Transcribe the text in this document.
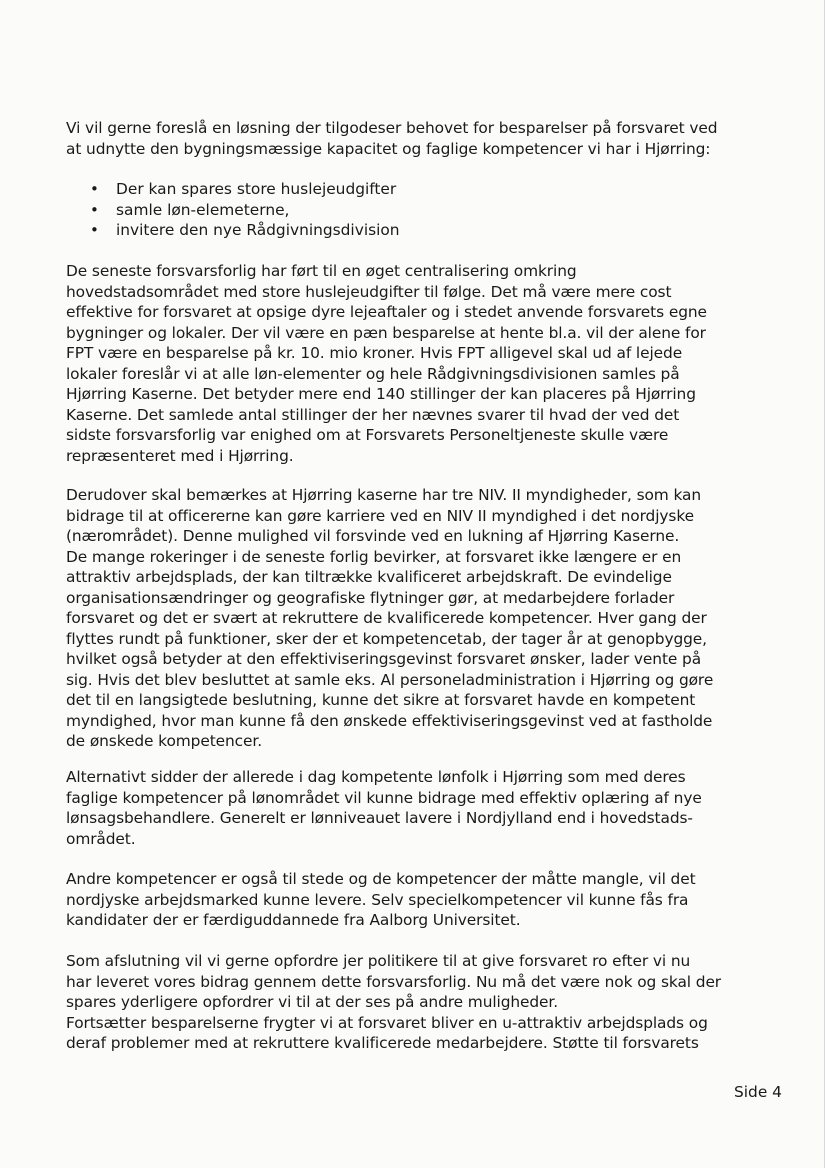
Vi vil gerne foreslå en løsning der tilgodeser behovet for besparelser på forsvaret ved
at udnytte den bygningsmæssige kapacitet og faglige kompetencer vi har i Hjørring:
• Der kan spares store huslejeudgifter
• samle løn-elemeterne,
• invitere den nye Rådgivningsdivision
De seneste forsvarsforlig har ført til en øget centralisering omkring
hovedstadsområdet med store huslejeudgifter til følge. Det må være mere cost
effektive for forsvaret at opsige dyre lejeaftaler og i stedet anvende forsvarets egne
bygninger og lokaler. Der vil være en pæn besparelse at hente bl.a. vil der alene for
FPT være en besparelse på kr. 10. mio kroner. Hvis FPT alligevel skal ud af lejede
lokaler foreslår vi at alle løn-elementer og hele Rådgivningsdivisionen samles på
Hjørring Kaserne. Det betyder mere end 140 stillinger der kan placeres på Hjørring
Kaserne. Det samlede antal stillinger der her nævnes svarer til hvad der ved det
sidste forsvarsforlig var enighed om at Forsvarets Personeltjeneste skulle være
repræsenteret med i Hjørring.
Derudover skal bemærkes at Hjørring kaserne har tre NIV. II myndigheder, som kan
bidrage til at officererne kan gøre karriere ved en NIV II myndighed i det nordjyske
(nærområdet). Denne mulighed vil forsvinde ved en lukning af Hjørring Kaserne.
De mange rokeringer i de seneste forlig bevirker, at forsvaret ikke længere er en
attraktiv arbejdsplads, der kan tiltrække kvalificeret arbejdskraft. De evindelige
organisationsændringer og geografiske flytninger gør, at medarbejdere forlader
forsvaret og det er svært at rekruttere de kvalificerede kompetencer. Hver gang der
flyttes rundt på funktioner, sker der et kompetencetab, der tager år at genopbygge,
hvilket også betyder at den effektiviseringsgevinst forsvaret ønsker, lader vente på
sig. Hvis det blev besluttet at samle eks. Al personeladministration i Hjørring og gøre
det til en langsigtede beslutning, kunne det sikre at forsvaret havde en kompetent
myndighed, hvor man kunne få den ønskede effektiviseringsgevinst ved at fastholde
de ønskede kompetencer.
Alternativt sidder der allerede i dag kompetente lønfolk i Hjørring som med deres
faglige kompetencer på lønområdet vil kunne bidrage med effektiv oplæring af nye
lønsagsbehandlere. Generelt er lønniveauet lavere i Nordjylland end i hovedstads-
området.
Andre kompetencer er også til stede og de kompetencer der måtte mangle, vil det
nordjyske arbejdsmarked kunne levere. Selv specielkompetencer vil kunne fås fra
kandidater der er færdiguddannede fra Aalborg Universitet.
Som afslutning vil vi gerne opfordre jer politikere til at give forsvaret ro efter vi nu
har leveret vores bidrag gennem dette forsvarsforlig. Nu må det være nok og skal der
spares yderligere opfordrer vi til at der ses på andre muligheder.
Fortsætter besparelserne frygter vi at forsvaret bliver en u-attraktiv arbejdsplads og
deraf problemer med at rekruttere kvalificerede medarbejdere. Støtte til forsvarets
Side 4
